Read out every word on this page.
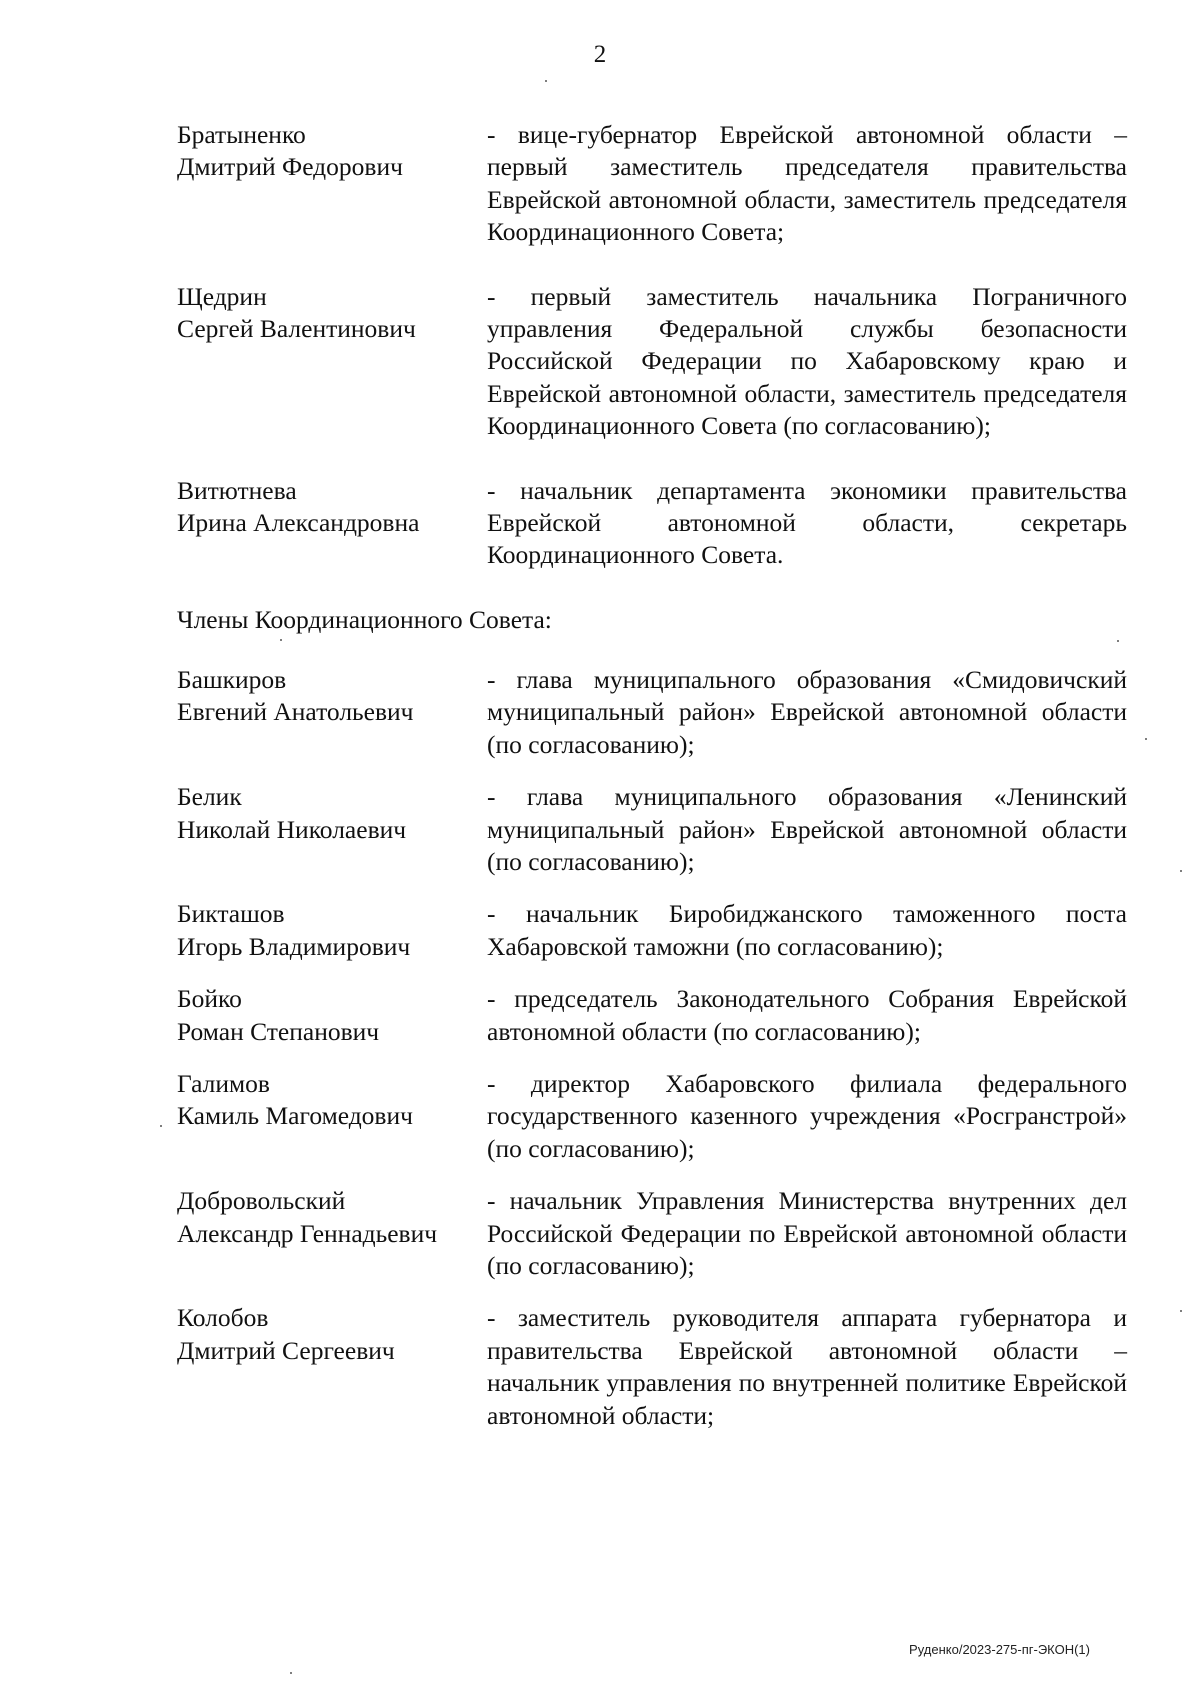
2
Братыненко
Дмитрий Федорович
- вице-губернатор Еврейской автономной области – первый заместитель председателя правительства Еврейской автономной области, заместитель председателя Координационного Совета;
Щедрин
Сергей Валентинович
- первый заместитель начальника Пограничного управления Федеральной службы безопасности Российской Федерации по Хабаровскому краю и Еврейской автономной области, заместитель председателя Координационного Совета (по согласованию);
Витютнева
Ирина Александровна
- начальник департамента экономики правительства Еврейской автономной области, секретарь Координационного Совета.
Члены Координационного Совета:
Башкиров
Евгений Анатольевич
- глава муниципального образования «Смидовичский муниципальный район» Еврейской автономной области (по согласованию);
Белик
Николай Николаевич
- глава муниципального образования «Ленинский муниципальный район» Еврейской автономной области (по согласованию);
Бикташов
Игорь Владимирович
- начальник Биробиджанского таможенного поста Хабаровской таможни (по согласованию);
Бойко
Роман Степанович
- председатель Законодательного Собрания Еврейской автономной области (по согласованию);
Галимов
Камиль Магомедович
- директор Хабаровского филиала федерального государственного казенного учреждения «Росгранстрой» (по согласованию);
Добровольский
Александр Геннадьевич
- начальник Управления Министерства внутренних дел Российской Федерации по Еврейской автономной области (по согласованию);
Колобов
Дмитрий Сергеевич
- заместитель руководителя аппарата губернатора и правительства Еврейской автономной области – начальник управления по внутренней политике Еврейской автономной области;
Руденко/2023-275-пг-ЭКОН(1)
